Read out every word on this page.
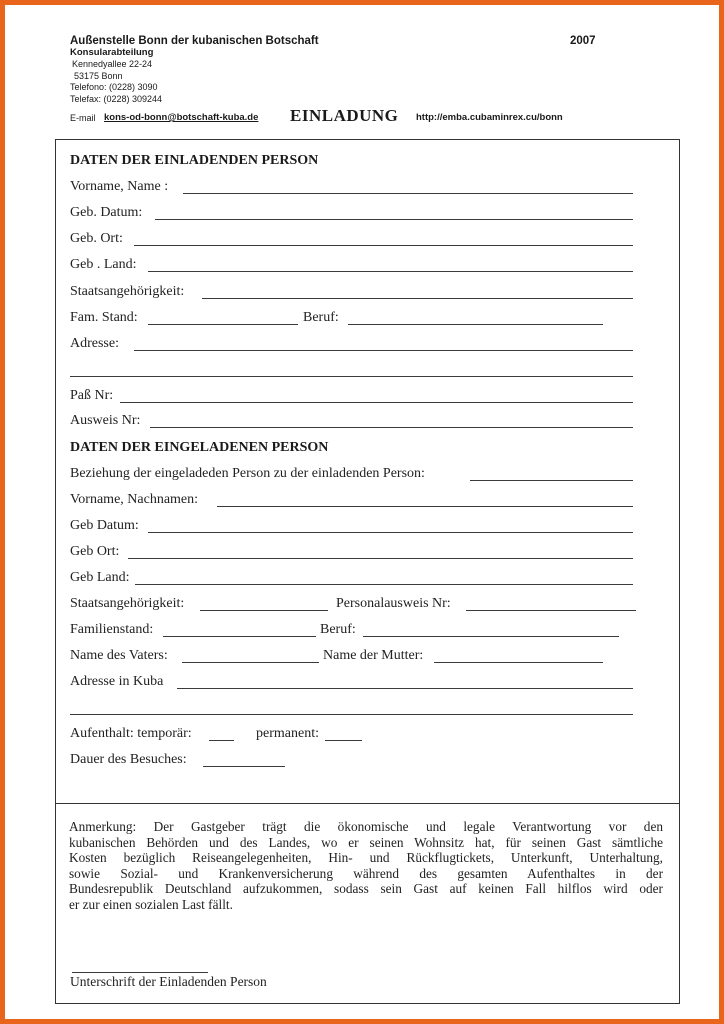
Außenstelle Bonn der kubanischen Botschaft	2007
Konsularabteilung
Kennedyallee 22-24
53175 Bonn
Telefono: (0228) 3090
Telefax: (0228) 309244
E-mail kons-od-bonn@botschaft-kuba.de EINLADUNG http://emba.cubaminrex.cu/bonn
DATEN DER EINLADENDEN PERSON
Vorname, Name :
Geb. Datum:
Geb. Ort:
Geb . Land:
Staatsangehörigkeit:
Fam. Stand:	Beruf:
Adresse:
Paß Nr:
Ausweis Nr:
DATEN DER EINGELADENEN PERSON
Beziehung der eingeladeden Person zu der einladenden Person:
Vorname, Nachnamen:
Geb Datum:
Geb Ort:
Geb Land:
Staatsangehörigkeit:	Personalausweis Nr:
Familienstand:	Beruf:
Name des Vaters:	Name der Mutter:
Adresse in Kuba
Aufenthalt: temporär:	permanent:
Dauer des Besuches:
Anmerkung: Der Gastgeber trägt die ökonomische und legale Verantwortung vor den
kubanischen Behörden und des Landes, wo er seinen Wohnsitz hat, für seinen Gast sämtliche
Kosten bezüglich Reiseangelegenheiten, Hin- und Rückflugtickets, Unterkunft, Unterhaltung,
sowie Sozial- und Krankenversicherung während des gesamten Aufenthaltes in der
Bundesrepublik Deutschland aufzukommen, sodass sein Gast auf keinen Fall hilflos wird oder
er zur einen sozialen Last fällt.
Unterschrift der Einladenden Person
